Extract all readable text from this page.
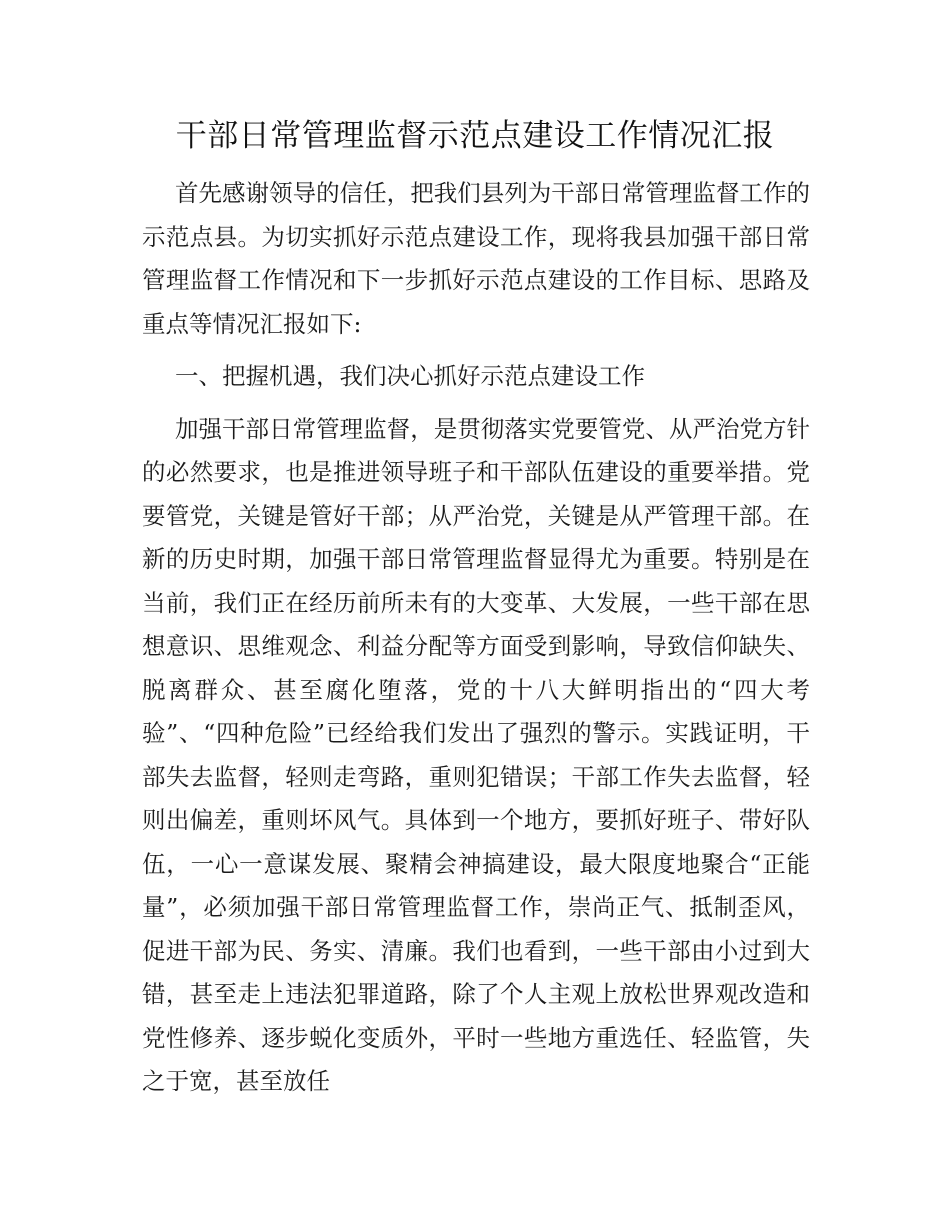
干部日常管理监督示范点建设工作情况汇报

首先感谢领导的信任，把我们县列为干部日常管理监督工作的示范点县。为切实抓好示范点建设工作，现将我县加强干部日常管理监督工作情况和下一步抓好示范点建设的工作目标、思路及重点等情况汇报如下:

一、把握机遇，我们决心抓好示范点建设工作

加强干部日常管理监督，是贯彻落实党要管党、从严治党方针的必然要求，也是推进领导班子和干部队伍建设的重要举措。党要管党，关键是管好干部；从严治党，关键是从严管理干部。在新的历史时期，加强干部日常管理监督显得尤为重要。特别是在当前，我们正在经历前所未有的大变革、大发展，一些干部在思想意识、思维观念、利益分配等方面受到影响，导致信仰缺失、脱离群众、甚至腐化堕落，党的十八大鲜明指出的“四大考验”、“四种危险”已经给我们发出了强烈的警示。实践证明，干部失去监督，轻则走弯路，重则犯错误；干部工作失去监督，轻则出偏差，重则坏风气。具体到一个地方，要抓好班子、带好队伍，一心一意谋发展、聚精会神搞建设，最大限度地聚合“正能量”，必须加强干部日常管理监督工作，崇尚正气、抵制歪风，促进干部为民、务实、清廉。我们也看到，一些干部由小过到大错，甚至走上违法犯罪道路，除了个人主观上放松世界观改造和党性修养、逐步蜕化变质外，平时一些地方重选任、轻监管，失之于宽，甚至放任
